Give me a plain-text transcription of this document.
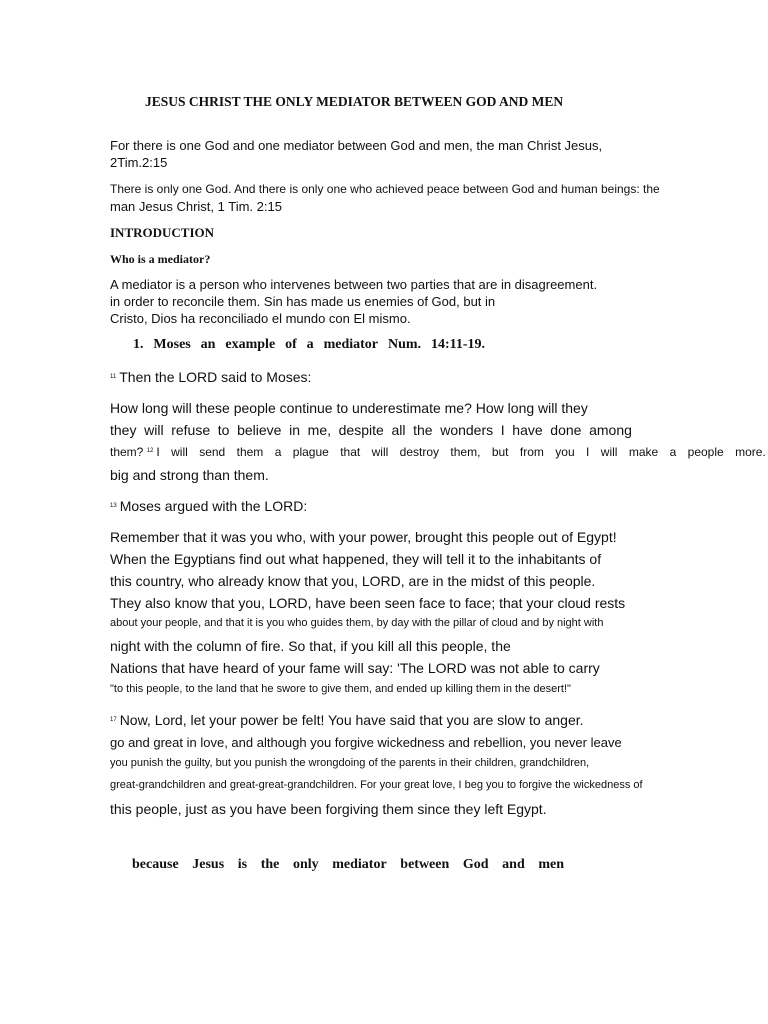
JESUS CHRIST THE ONLY MEDIATOR BETWEEN GOD AND MEN
For there is one God and one mediator between God and men, the man Christ Jesus,
2Tim.2:15
There is only one God. And there is only one who achieved peace between God and human beings: the
man Jesus Christ, 1 Tim. 2:15
INTRODUCTION
Who is a mediator?
A mediator is a person who intervenes between two parties that are in disagreement.
in order to reconcile them. Sin has made us enemies of God, but in
Cristo, Dios ha reconciliado el mundo con El mismo.
1. Moses an example of a mediator Num. 14:11-19.
$^{11}$ Then the LORD said to Moses:
How long will these people continue to underestimate me? How long will they
they will refuse to believe in me, despite all the wonders I have done among
them? $^{12}$ I will send them a plague that will destroy them, but from you I will make a people more.
big and strong than them.
$^{13}$ Moses argued with the LORD:
Remember that it was you who, with your power, brought this people out of Egypt!
When the Egyptians find out what happened, they will tell it to the inhabitants of
this country, who already know that you, LORD, are in the midst of this people.
They also know that you, LORD, have been seen face to face; that your cloud rests
about your people, and that it is you who guides them, by day with the pillar of cloud and by night with
night with the column of fire. So that, if you kill all this people, the
Nations that have heard of your fame will say: 'The LORD was not able to carry
"to this people, to the land that he swore to give them, and ended up killing them in the desert!"
$^{17}$ Now, Lord, let your power be felt! You have said that you are slow to anger.
go and great in love, and although you forgive wickedness and rebellion, you never leave
you punish the guilty, but you punish the wrongdoing of the parents in their children, grandchildren,
great-grandchildren and great-great-grandchildren. For your great love, I beg you to forgive the wickedness of
this people, just as you have been forgiving them since they left Egypt.
because Jesus is the only mediator between God and men
